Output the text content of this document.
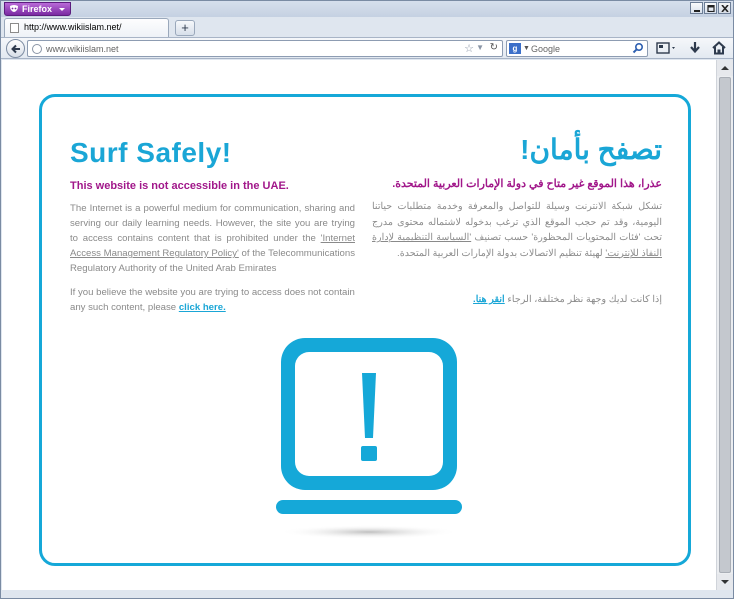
Firefox
http://www.wikiislam.net/	+
www.wikiislam.net	☆ ▼ ↻	g ▼ Google
Surf Safely!
This website is not accessible in the UAE.
The Internet is a powerful medium for communication, sharing and serving our daily learning needs. However, the site you are trying to access contains content that is prohibited under the 'Internet Access Management Regulatory Policy' of the Telecommunications Regulatory Authority of the United Arab Emirates
If you believe the website you are trying to access does not contain any such content, please click here.
تصفح بأمان!
عذرا، هذا الموقع غير متاح في دولة الإمارات العربية المتحدة.
تشكل شبكة الانترنت وسيلة للتواصل والمعرفة وخدمة متطلبات حياتنا اليومية، وقد تم حجب الموقع الذي ترغب بدخوله لاشتماله محتوى مدرج تحت 'فئات المحتويات المحظورة' حسب تصنيف 'السياسة التنظيمية لإدارة النفاذ للإنترنت' لهيئة تنظيم الاتصالات بدولة الإمارات العربية المتحدة.
إذا كانت لديك وجهة نظر مختلفة، الرجاء انقر هنا.
